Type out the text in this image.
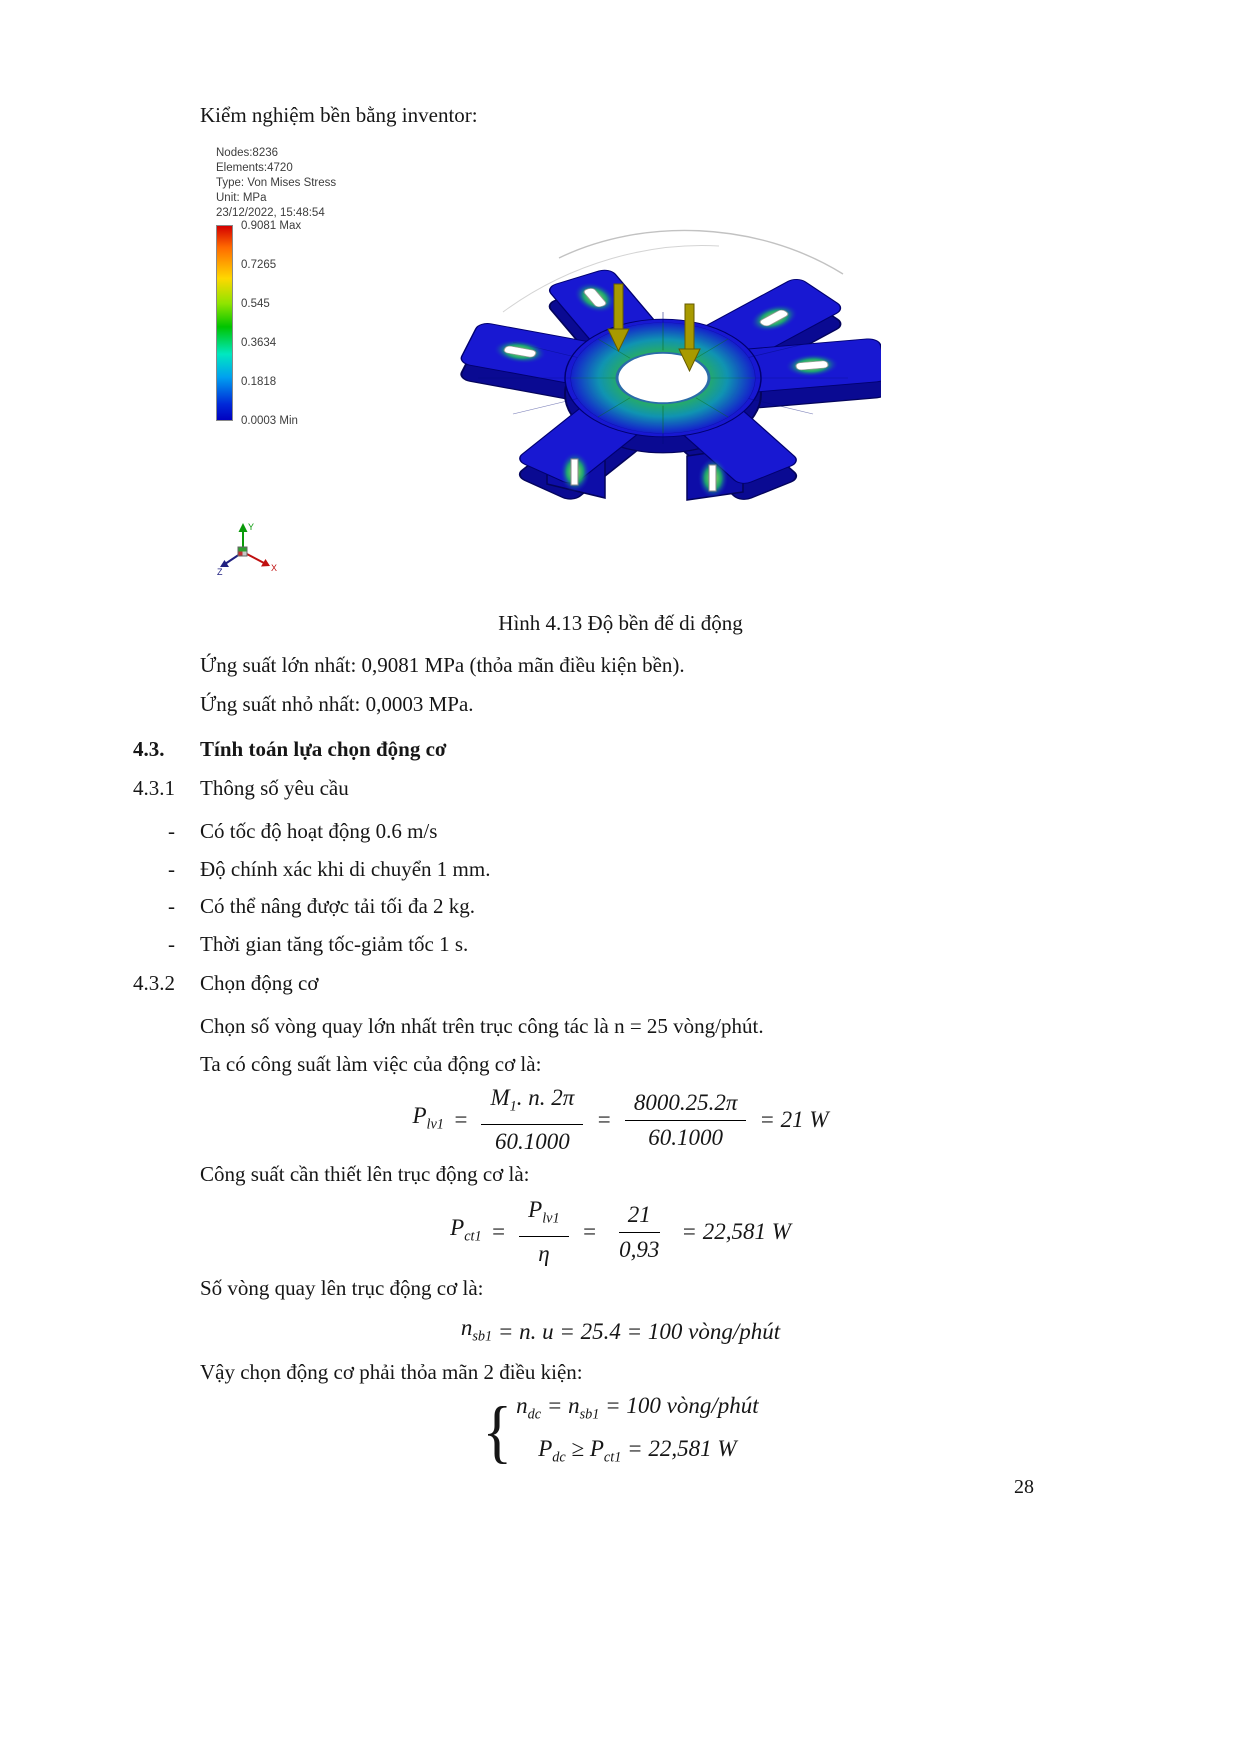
Kiểm nghiệm bền bằng inventor:

Nodes:8236
Elements:4720
Type: Von Mises Stress
Unit: MPa
23/12/2022, 15:48:54
0.9081 Max
0.7265
0.545
0.3634
0.1818
0.0003 Min
Y
X
Z

Hình 4.13 Độ bền đế di động

Ứng suất lớn nhất: 0,9081 MPa (thỏa mãn điều kiện bền).

Ứng suất nhỏ nhất: 0,0003 MPa.

4.3. Tính toán lựa chọn động cơ
4.3.1 Thông số yêu cầu
- Có tốc độ hoạt động 0.6 m/s
- Độ chính xác khi di chuyển 1 mm.
- Có thể nâng được tải tối đa 2 kg.
- Thời gian tăng tốc-giảm tốc 1 s.
4.3.2 Chọn động cơ

Chọn số vòng quay lớn nhất trên trục công tác là n = 25 vòng/phút.

Ta có công suất làm việc của động cơ là:

$P_{lv1} = \frac{M_1. n. 2\pi}{60.1000} = \frac{8000.25.2\pi}{60.1000} = 21$ W

Công suất cần thiết lên trục động cơ là:

$P_{ct1} = \frac{P_{lv1}}{\eta} = \frac{21}{0,93} = 22,581$ W

Số vòng quay lên trục động cơ là:

$n_{sb1} = n$. u = 25.4 = 100 vòng/phút

Vậy chọn động cơ phải thỏa mãn 2 điều kiện:

{ $n_{dc} = n_{sb1} = 100$ vòng/phút
$P_{dc} \ge P_{ct1} = 22,581$ W
28
